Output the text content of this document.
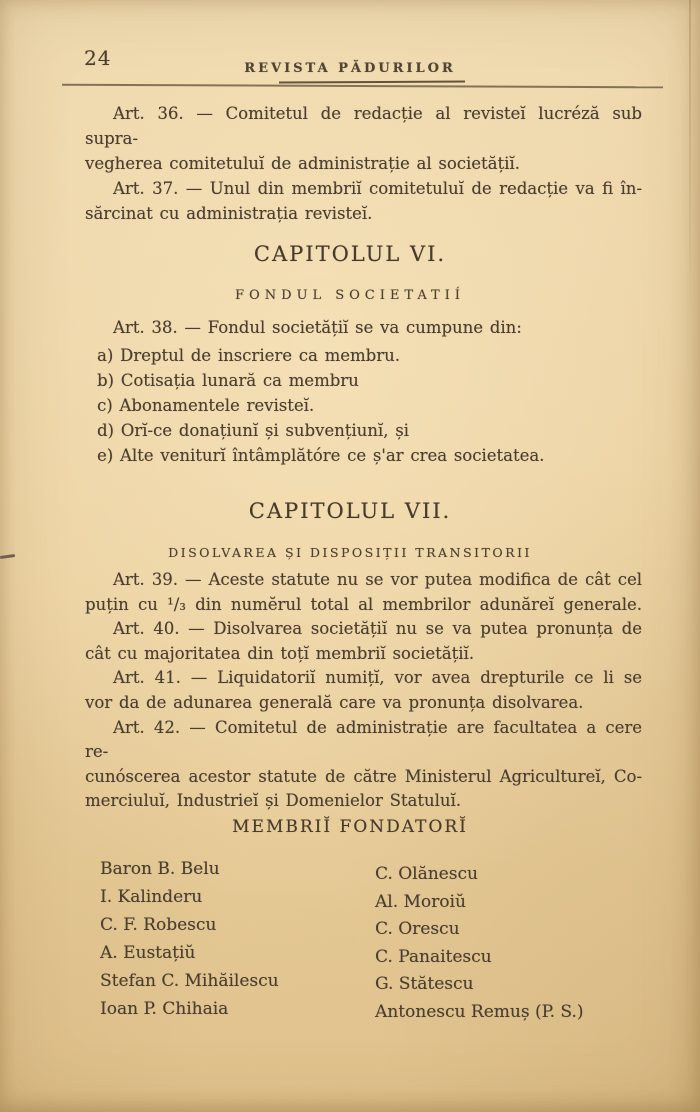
24	REVISTA PĂDURILOR
Art. 36. — Comitetul de redacție al revisteĭ lucréză sub supra-
vegherea comitetuluĭ de administrație al societățiĭ.
Art. 37. — Unul din membriĭ comitetuluĭ de redacție va fi în-
sărcinat cu administrația revisteĭ.
CAPITOLUL VI.
FONDUL SOCIETATIÍ
Art. 38. — Fondul societățiĭ se va cumpune din:
a) Dreptul de inscriere ca membru.
b) Cotisația lunară ca membru
c) Abonamentele revisteĭ.
d) Orĭ-ce donațiunĭ și subvențiunĭ, și
e) Alte veniturĭ întâmplătóre ce ș'ar crea societatea.
CAPITOLUL VII.
DISOLVAREA ȘI DISPOSIȚII TRANSITORII
Art. 39. — Aceste statute nu se vor putea modifica de cât cel
puțin cu ¹/₃ din numĕrul total al membrilor adunăreĭ generale.
Art. 40. — Disolvarea societățiĭ nu se va putea pronunța de
cât cu majoritatea din toțĭ membriĭ societățiĭ.
Art. 41. — Liquidatoriĭ numițĭ, vor avea drepturile ce li se
vor da de adunarea generală care va pronunța disolvarea.
Art. 42. — Comitetul de administrație are facultatea a cere re-
cunóscerea acestor statute de către Ministerul Agricultureĭ, Co-
merciuluĭ, Industrieĭ și Domenielor Statuluĭ.
MEMBRIĬ FONDATORĬ
Baron B. Belu
I. Kalinderu
C. F. Robescu
A. Eustațiŭ
Stefan C. Mihăilescu
Ioan P. Chihaia
C. Olănescu
Al. Moroiŭ
C. Orescu
C. Panaitescu
G. Stătescu
Antonescu Remuș (P. S.)
